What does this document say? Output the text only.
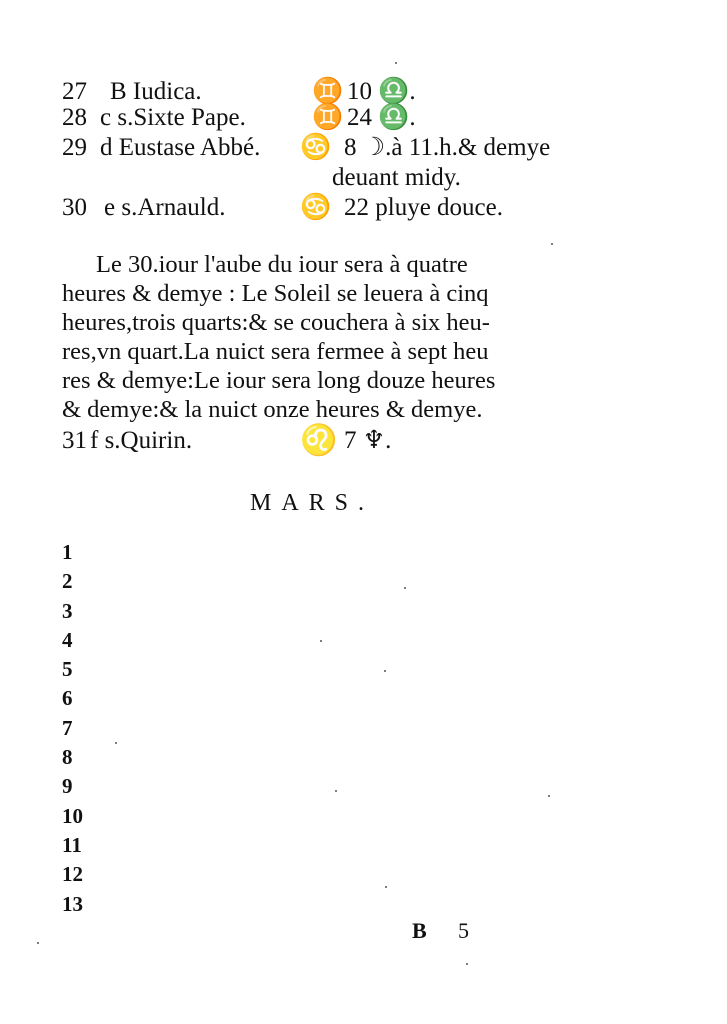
27 B Iudica.	♊ 10 ♎.
28 c s.Sixte Pape.	♊ 24 ♎.
29 d Eustase Abbé. ♋ 8 ☽.à 11.h.& demye
deuant midy.
30 e s.Arnauld.	♋ 22 pluye douce.
Le 30.iour l'aube du iour sera à quatre
heures & demye : Le Soleil se leuera à cinq
heures,trois quarts:& se couchera à six heu-
res,vn quart.La nuict sera fermee à sept heu
res & demye:Le iour sera long douze heures
& demye:& la nuict onze heures & demye.
31 f s.Quirin.	♌ 7 ♆.
MARS.
1
2
3
4
5
6
7
8
9
10
11
12
13
B 5
